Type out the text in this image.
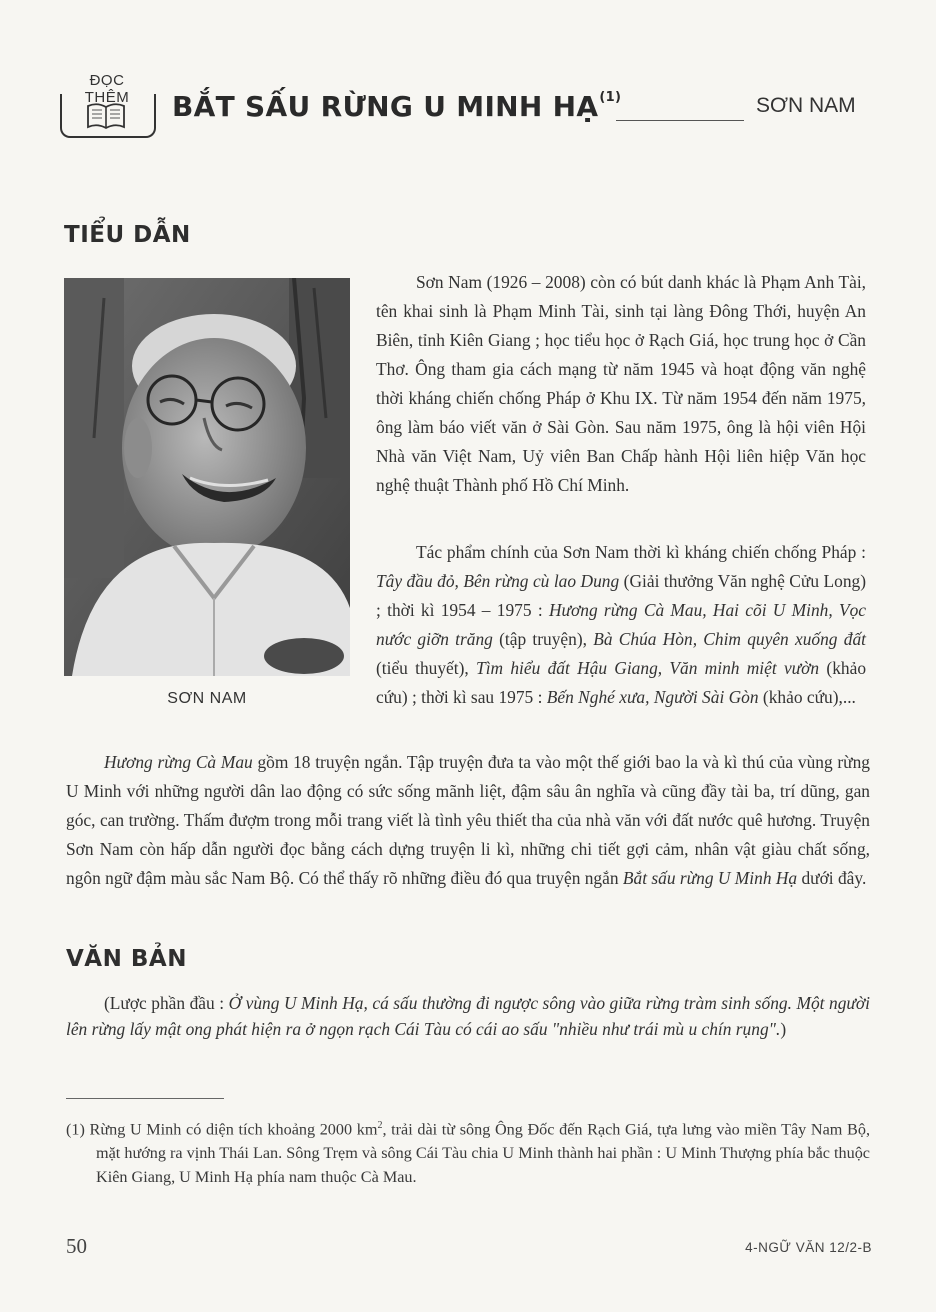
ĐỌC THÊM	BẮT SẤU RỪNG U MINH HẠ$^{(1)}$	SƠN NAM
TIỂU DẪN
SƠN NAM

Sơn Nam (1926 – 2008) còn có bút danh khác là Phạm Anh Tài, tên khai sinh là Phạm Minh Tài, sinh tại làng Đông Thới, huyện An Biên, tỉnh Kiên Giang ; học tiểu học ở Rạch Giá, học trung học ở Cần Thơ. Ông tham gia cách mạng từ năm 1945 và hoạt động văn nghệ thời kháng chiến chống Pháp ở Khu IX. Từ năm 1954 đến năm 1975, ông làm báo viết văn ở Sài Gòn. Sau năm 1975, ông là hội viên Hội Nhà văn Việt Nam, Uỷ viên Ban Chấp hành Hội liên hiệp Văn học nghệ thuật Thành phố Hồ Chí Minh.

Tác phẩm chính của Sơn Nam thời kì kháng chiến chống Pháp : Tây đầu đỏ, Bên rừng cù lao Dung (Giải thưởng Văn nghệ Cửu Long) ; thời kì 1954 – 1975 : Hương rừng Cà Mau, Hai cõi U Minh, Vọc nước giỡn trăng (tập truyện), Bà Chúa Hòn, Chim quyên xuống đất (tiểu thuyết), Tìm hiểu đất Hậu Giang, Văn minh miệt vườn (khảo cứu) ; thời kì sau 1975 : Bến Nghé xưa, Người Sài Gòn (khảo cứu),...

Hương rừng Cà Mau gồm 18 truyện ngắn. Tập truyện đưa ta vào một thế giới bao la và kì thú của vùng rừng U Minh với những người dân lao động có sức sống mãnh liệt, đậm sâu ân nghĩa và cũng đầy tài ba, trí dũng, gan góc, can trường. Thấm đượm trong mỗi trang viết là tình yêu thiết tha của nhà văn với đất nước quê hương. Truyện Sơn Nam còn hấp dẫn người đọc bằng cách dựng truyện li kì, những chi tiết gợi cảm, nhân vật giàu chất sống, ngôn ngữ đậm màu sắc Nam Bộ. Có thể thấy rõ những điều đó qua truyện ngắn Bắt sấu rừng U Minh Hạ dưới đây.

VĂN BẢN

(Lược phần đầu : Ở vùng U Minh Hạ, cá sấu thường đi ngược sông vào giữa rừng tràm sinh sống. Một người lên rừng lấy mật ong phát hiện ra ở ngọn rạch Cái Tàu có cái ao sấu "nhiều như trái mù u chín rụng".)

(1) Rừng U Minh có diện tích khoảng 2000 $km^2$, trải dài từ sông Ông Đốc đến Rạch Giá, tựa lưng vào miền Tây Nam Bộ, mặt hướng ra vịnh Thái Lan. Sông Trẹm và sông Cái Tàu chia U Minh thành hai phần : U Minh Thượng phía bắc thuộc Kiên Giang, U Minh Hạ phía nam thuộc Cà Mau.

50	4-NGỮ VĂN 12/2-B
